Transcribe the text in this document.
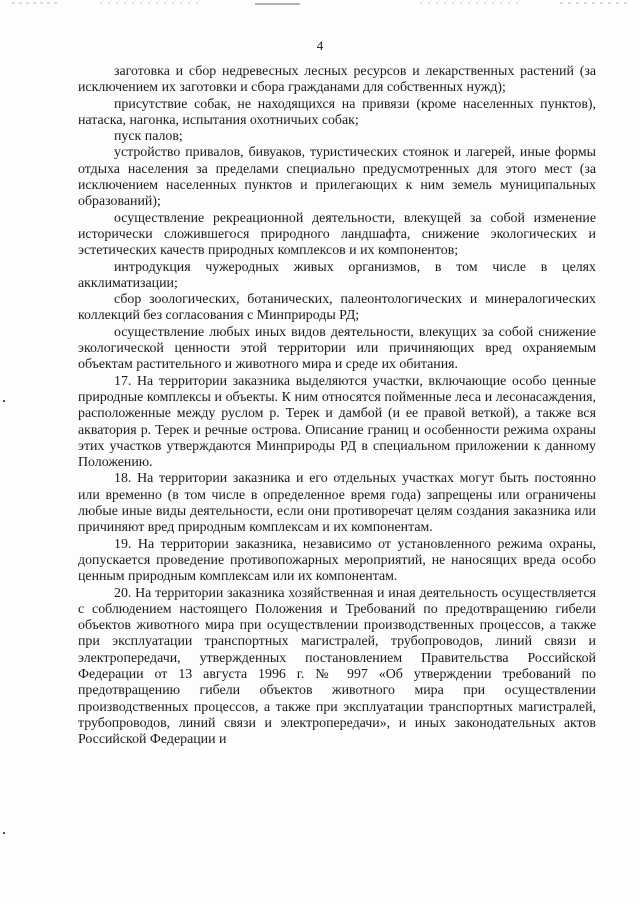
4

заготовка и сбор недревесных лесных ресурсов и лекарственных растений (за исключением их заготовки и сбора гражданами для собственных нужд);

присутствие собак, не находящихся на привязи (кроме населенных пунктов), натаска, нагонка, испытания охотничьих собак;

пуск палов;

устройство привалов, бивуаков, туристических стоянок и лагерей, иные формы отдыха населения за пределами специально предусмотренных для этого мест (за исключением населенных пунктов и прилегающих к ним земель муниципальных образований);

осуществление рекреационной деятельности, влекущей за собой изменение исторически сложившегося природного ландшафта, снижение экологических и эстетических качеств природных комплексов и их компонентов;

интродукция чужеродных живых организмов, в том числе в целях акклиматизации;

сбор зоологических, ботанических, палеонтологических и минералогических коллекций без согласования с Минприроды РД;

осуществление любых иных видов деятельности, влекущих за собой снижение экологической ценности этой территории или причиняющих вред охраняемым объектам растительного и животного мира и среде их обитания.

17. На территории заказника выделяются участки, включающие особо ценные природные комплексы и объекты. К ним относятся пойменные леса и лесонасаждения, расположенные между руслом р. Терек и дамбой (и ее правой веткой), а также вся акватория р. Терек и речные острова. Описание границ и особенности режима охраны этих участков утверждаются Минприроды РД в специальном приложении к данному Положению.

18. На территории заказника и его отдельных участках могут быть постоянно или временно (в том числе в определенное время года) запрещены или ограничены любые иные виды деятельности, если они противоречат целям создания заказника или причиняют вред природным комплексам и их компонентам.

19. На территории заказника, независимо от установленного режима охраны, допускается проведение противопожарных мероприятий, не наносящих вреда особо ценным природным комплексам или их компонентам.

20. На территории заказника хозяйственная и иная деятельность осуществляется с соблюдением настоящего Положения и Требований по предотвращению гибели объектов животного мира при осуществлении производственных процессов, а также при эксплуатации транспортных магистралей, трубопроводов, линий связи и электропередачи, утвержденных постановлением Правительства Российской Федерации от 13 августа 1996 г. № 997 «Об утверждении требований по предотвращению гибели объектов животного мира при осуществлении производственных процессов, а также при эксплуатации транспортных магистралей, трубопроводов, линий связи и электропередачи», и иных законодательных актов Российской Федерации и
